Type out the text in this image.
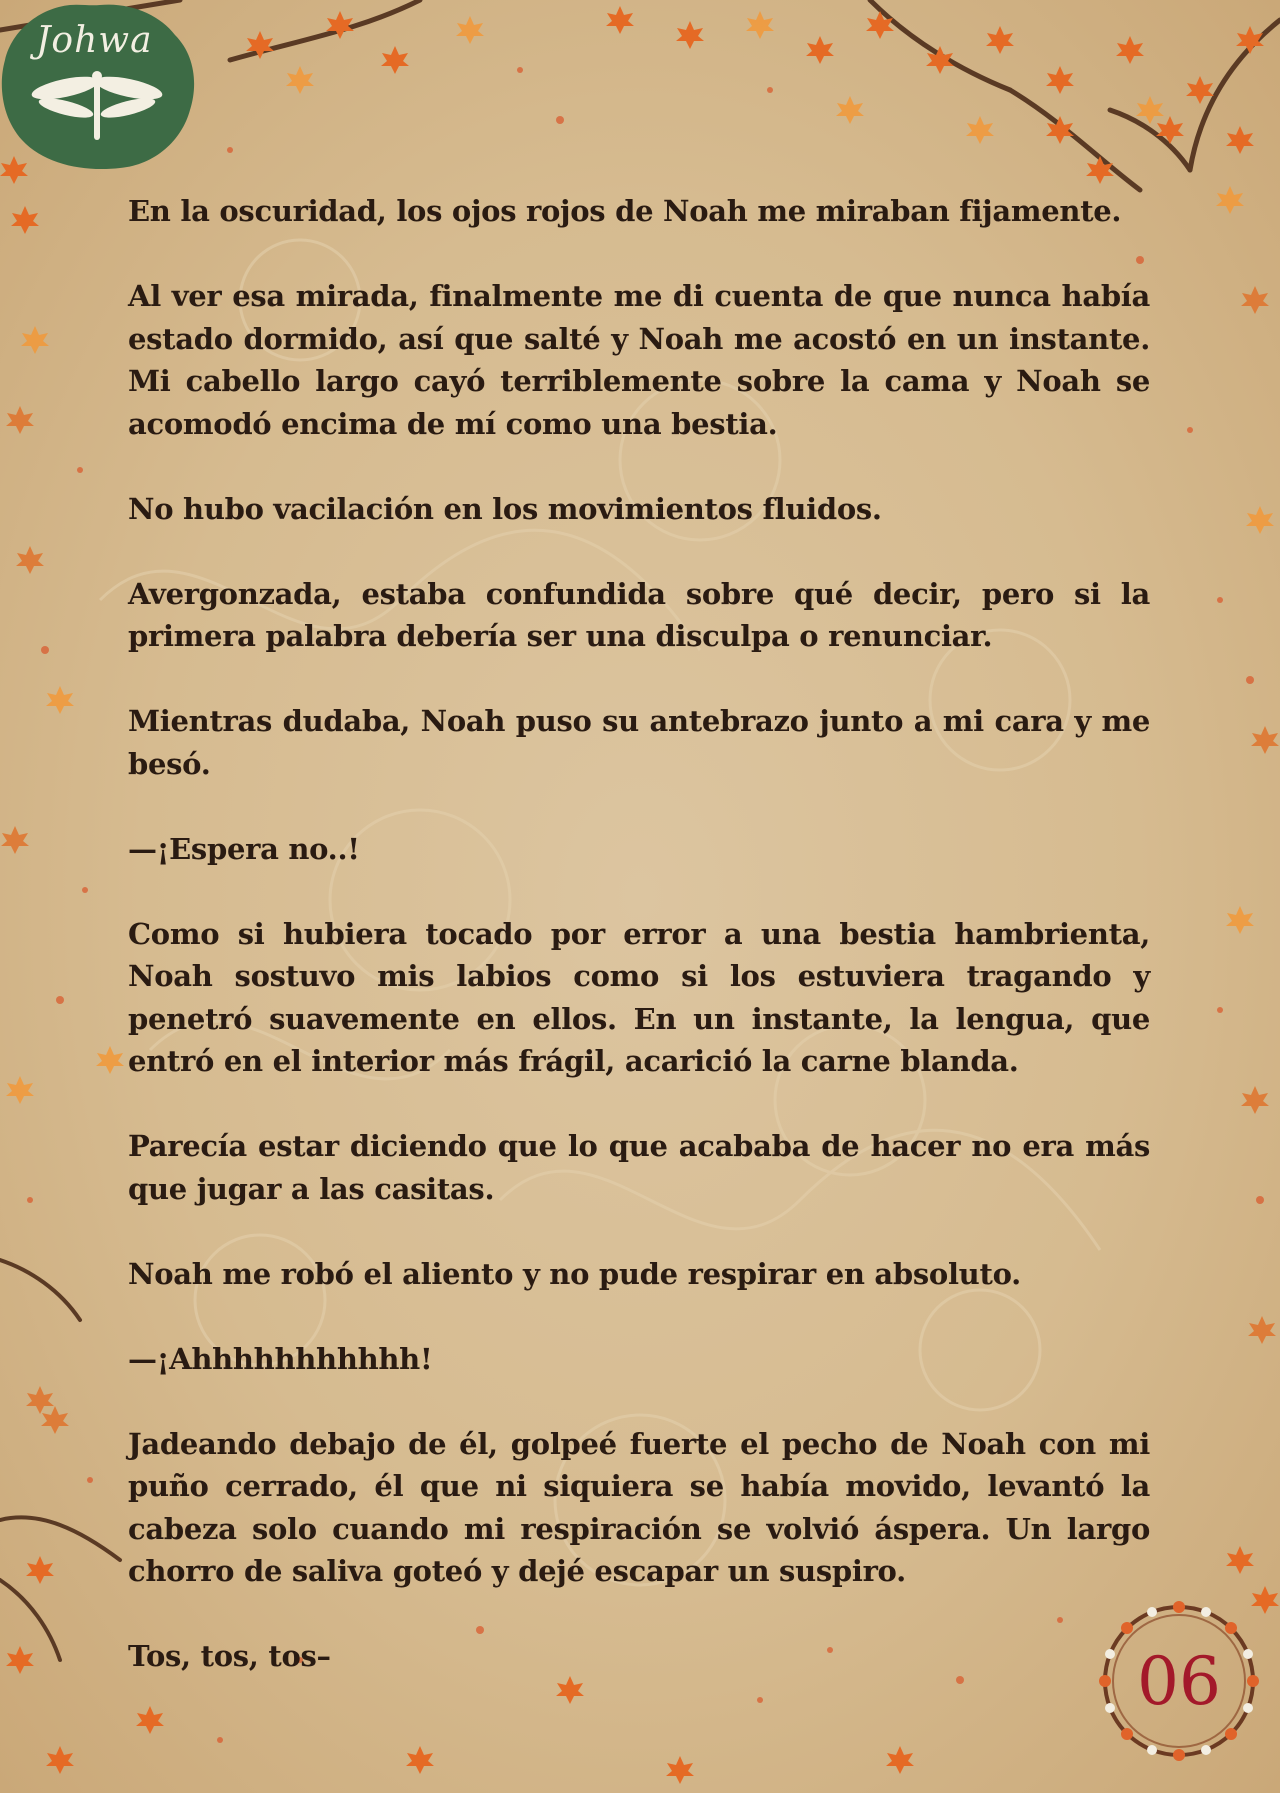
Johwa

En la oscuridad, los ojos rojos de Noah me miraban fijamente.

Al ver esa mirada, finalmente me di cuenta de que nunca había estado dormido, así que salté y Noah me acostó en un instante. Mi cabello largo cayó terriblemente sobre la cama y Noah se acomodó encima de mí como una bestia.

No hubo vacilación en los movimientos fluidos.

Avergonzada, estaba confundida sobre qué decir, pero si la primera palabra debería ser una disculpa o renunciar.

Mientras dudaba, Noah puso su antebrazo junto a mi cara y me besó.

—¡Espera no..!

Como si hubiera tocado por error a una bestia hambrienta, Noah sostuvo mis labios como si los estuviera tragando y penetró suavemente en ellos. En un instante, la lengua, que entró en el interior más frágil, acarició la carne blanda.

Parecía estar diciendo que lo que acababa de hacer no era más que jugar a las casitas.

Noah me robó el aliento y no pude respirar en absoluto.

—¡Ahhhhhhhhhhh!

Jadeando debajo de él, golpeé fuerte el pecho de Noah con mi puño cerrado, él que ni siquiera se había movido, levantó la cabeza solo cuando mi respiración se volvió áspera. Un largo chorro de saliva goteó y dejé escapar un suspiro.

Tos, tos, tos–	06
